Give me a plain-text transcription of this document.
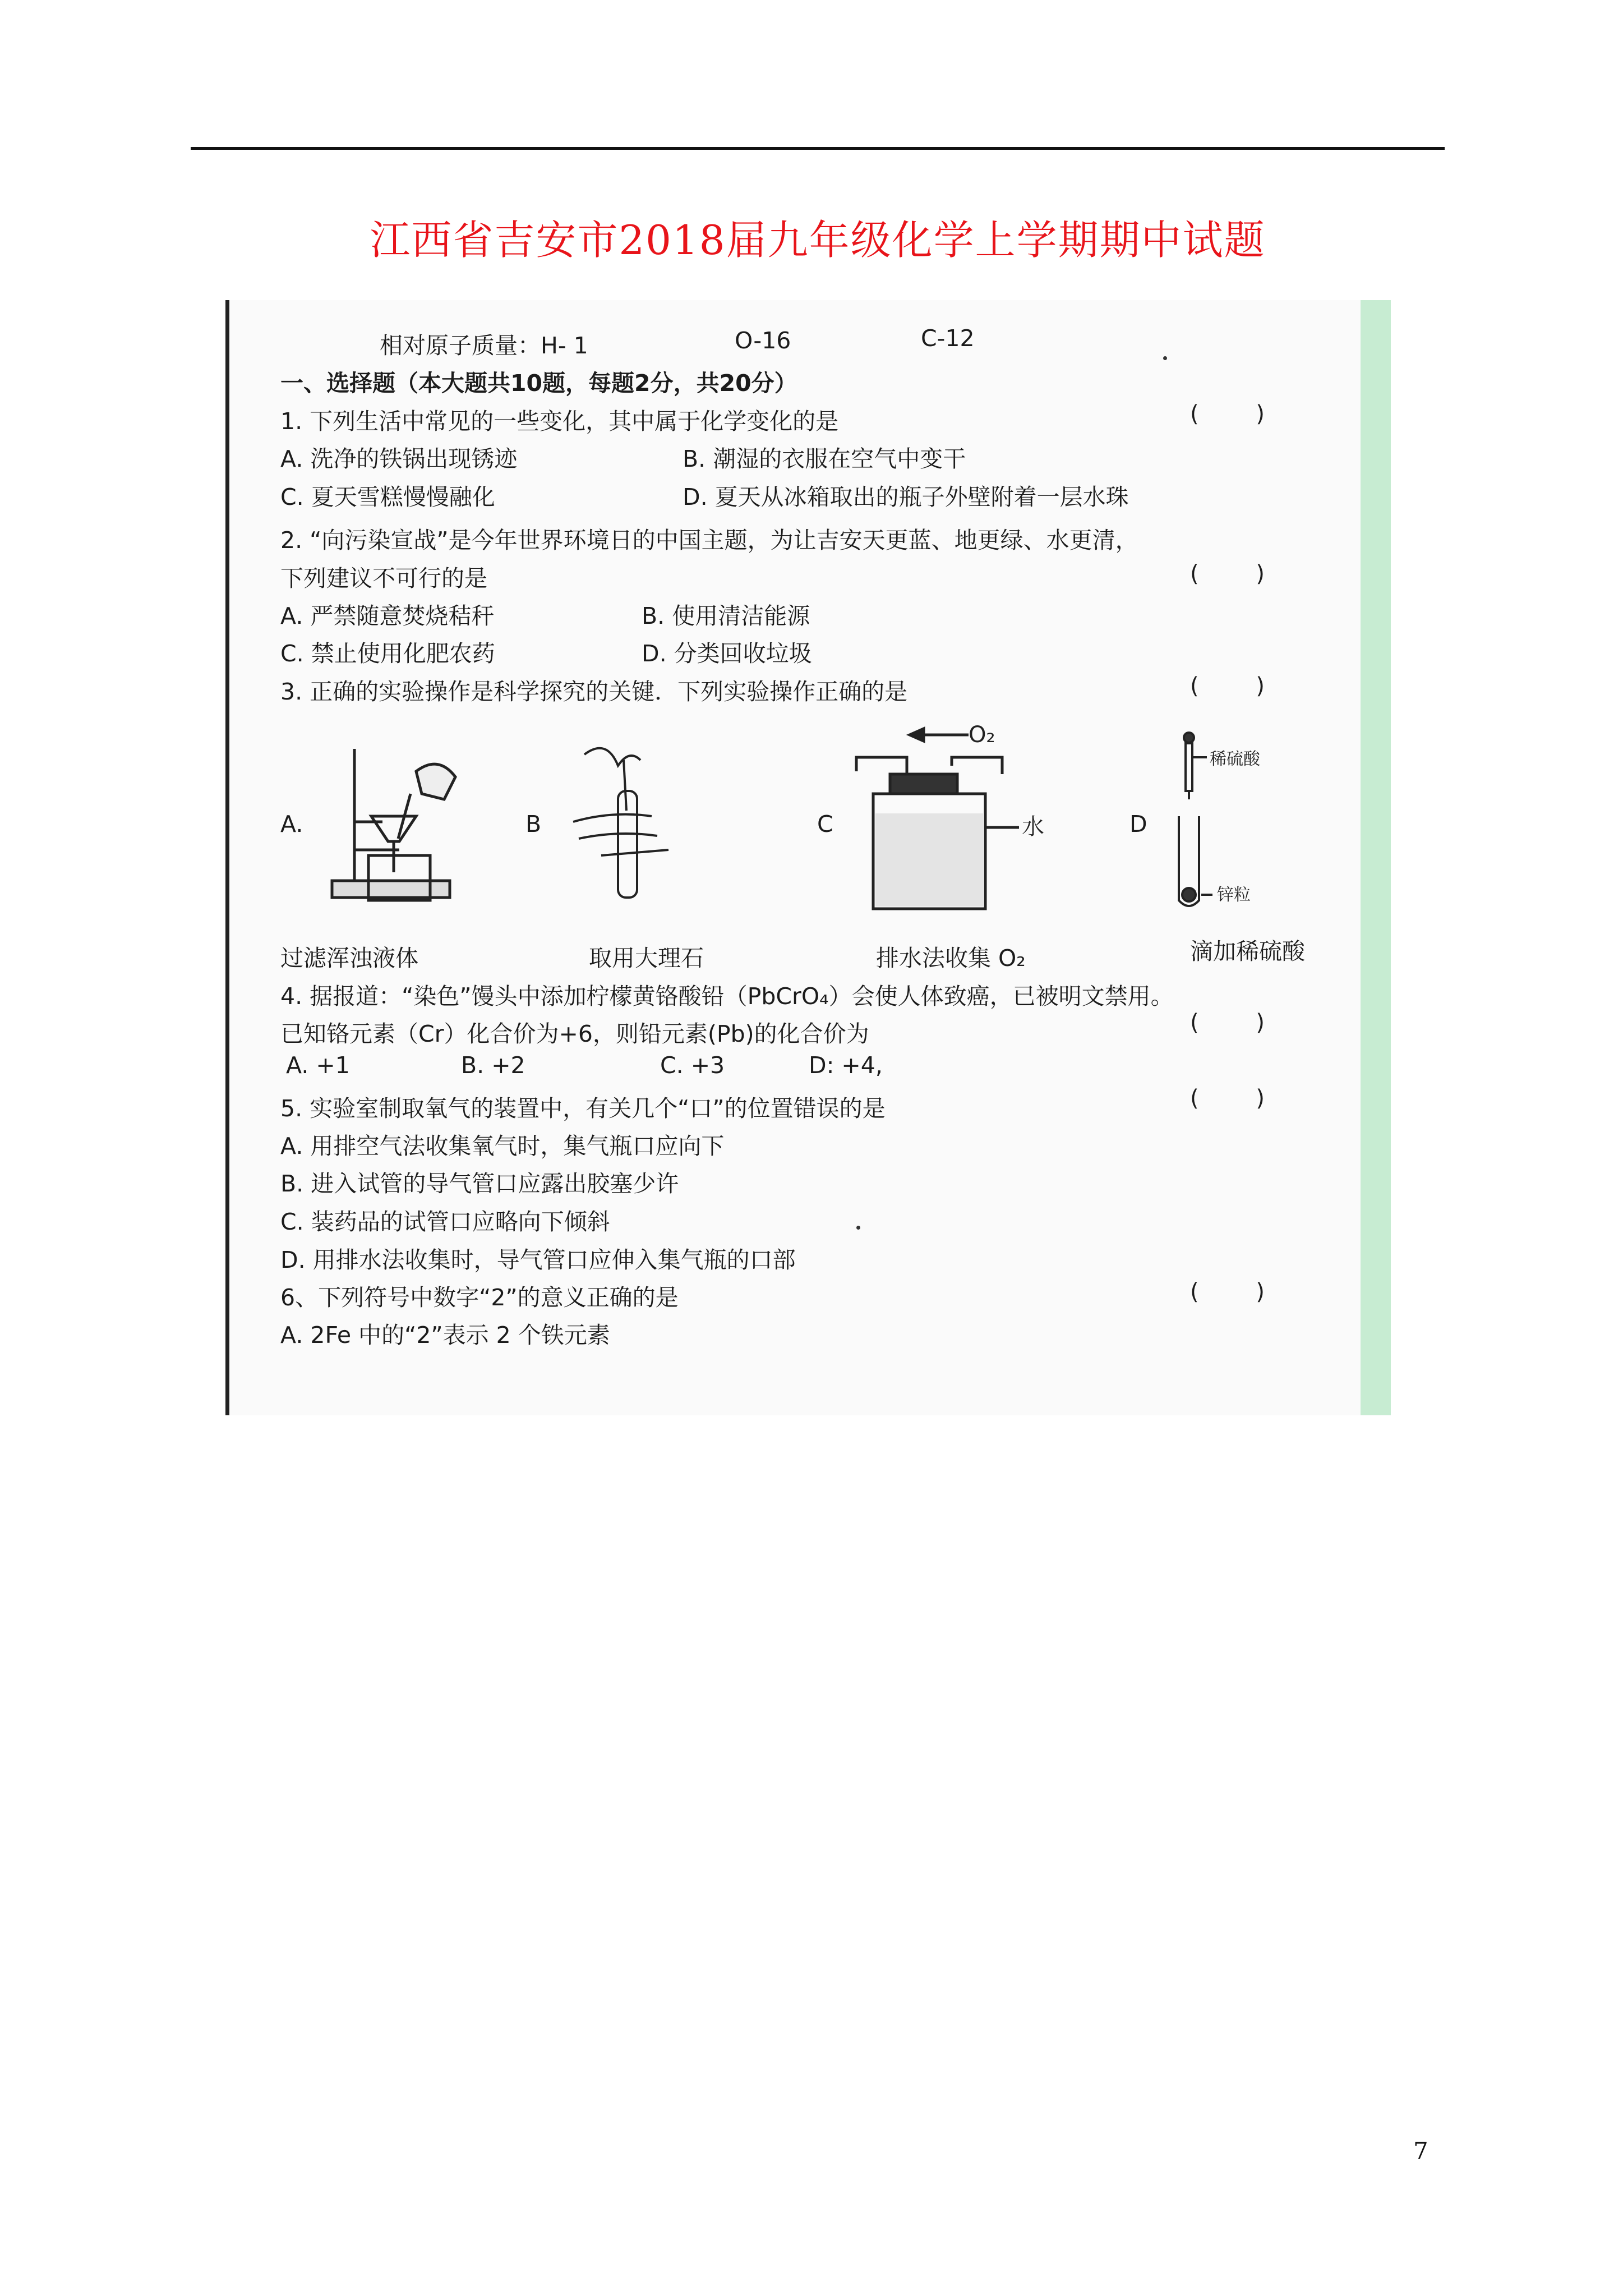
江西省吉安市2018届九年级化学上学期期中试题
相对原子质量：H- 1	O-16	C-12
一、选择题（本大题共10题，每题2分，共20分）
1. 下列生活中常见的一些变化，其中属于化学变化的是	(        )
A. 洗净的铁锅出现锈迹	B. 潮湿的衣服在空气中变干
C. 夏天雪糕慢慢融化	D. 夏天从冰箱取出的瓶子外壁附着一层水珠
2. “向污染宣战”是今年世界环境日的中国主题，为让吉安天更蓝、地更绿、水更清，
下列建议不可行的是	(        )
A. 严禁随意焚烧秸秆	B. 使用清洁能源
C. 禁止使用化肥农药	D. 分类回收垃圾
3. 正确的实验操作是科学探究的关键．下列实验操作正确的是	(        )
A.	B	C	D
O₂
水
稀硫酸
锌粒
过滤浑浊液体	取用大理石	排水法收集 O₂	滴加稀硫酸
4. 据报道：“染色”馒头中添加柠檬黄铬酸铅（PbCrO₄）会使人体致癌，已被明文禁用。
已知铬元素（Cr）化合价为+6，则铅元素(Pb)的化合价为	(        )
A. +1	B. +2	C. +3	D: +4,
5. 实验室制取氧气的装置中，有关几个“口”的位置错误的是	(        )
A. 用排空气法收集氧气时，集气瓶口应向下
B. 进入试管的导气管口应露出胶塞少许
C. 装药品的试管口应略向下倾斜
D. 用排水法收集时，导气管口应伸入集气瓶的口部
6、下列符号中数字“2”的意义正确的是	(        )
A. 2Fe 中的“2”表示 2 个铁元素
7
